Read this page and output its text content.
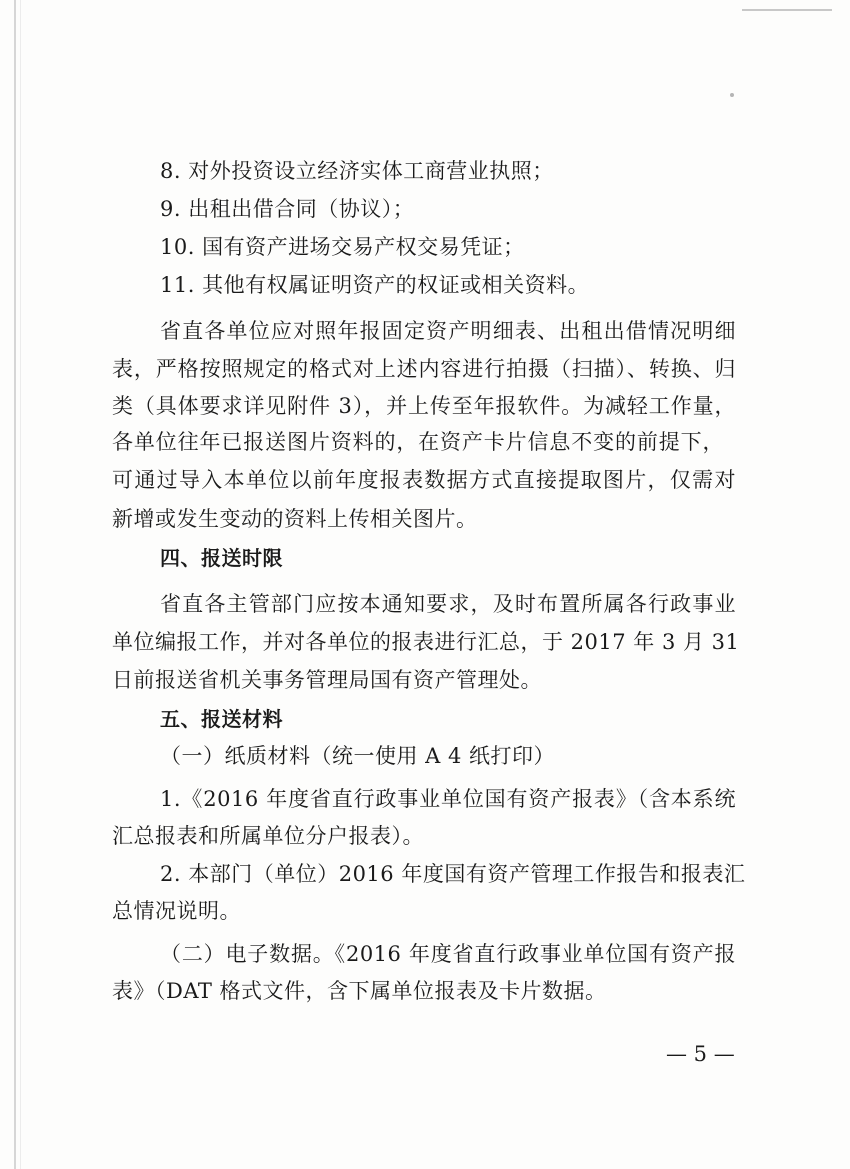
8. 对外投资设立经济实体工商营业执照；
9. 出租出借合同（协议）；
10. 国有资产进场交易产权交易凭证；
11. 其他有权属证明资产的权证或相关资料。
省直各单位应对照年报固定资产明细表、出租出借情况明细
表，严格按照规定的格式对上述内容进行拍摄（扫描）、转换、归
类（具体要求详见附件 3），并上传至年报软件。为减轻工作量，
各单位往年已报送图片资料的，在资产卡片信息不变的前提下，
可通过导入本单位以前年度报表数据方式直接提取图片，仅需对
新增或发生变动的资料上传相关图片。
四、报送时限
省直各主管部门应按本通知要求，及时布置所属各行政事业
单位编报工作，并对各单位的报表进行汇总，于 2017 年 3 月 31
日前报送省机关事务管理局国有资产管理处。
五、报送材料
（一）纸质材料（统一使用 A 4 纸打印）
1.《2016 年度省直行政事业单位国有资产报表》（含本系统
汇总报表和所属单位分户报表）。
2. 本部门（单位）2016 年度国有资产管理工作报告和报表汇
总情况说明。
（二）电子数据。《2016 年度省直行政事业单位国有资产报
表》（DAT 格式文件，含下属单位报表及卡片数据。
— 5 —
